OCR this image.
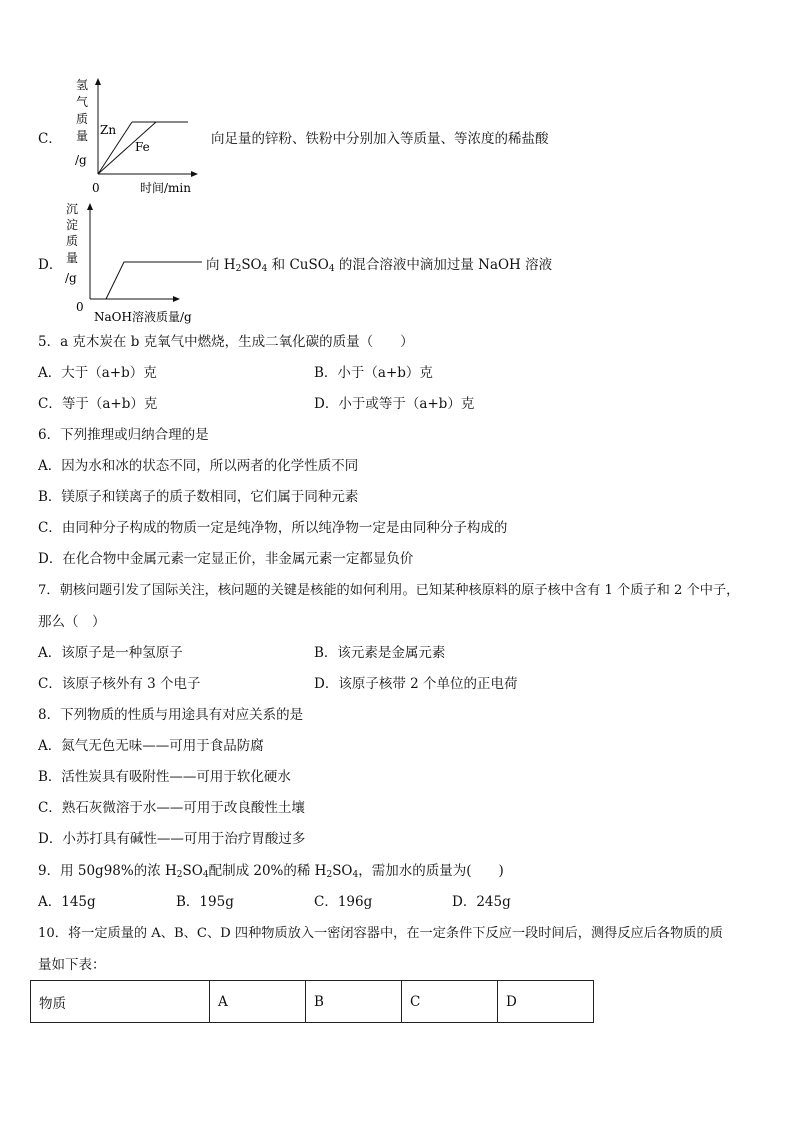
C．
氢
气
质
量
/g
Zn
Fe
0	时间/min
向足量的锌粉、铁粉中分别加入等质量、等浓度的稀盐酸
D．
沉
淀
质
量
/g
0
NaOH溶液质量/g
向 $H_2SO_4$ 和 CuSO$_4$ 的混合溶液中滴加过量 NaOH 溶液
5．a 克木炭在 b 克氧气中燃烧，生成二氧化碳的质量（　　）
A．大于（a+b）克	B．小于（a+b）克
C．等于（a+b）克	D．小于或等于（a+b）克
6．下列推理或归纳合理的是
A．因为水和冰的状态不同，所以两者的化学性质不同
B．镁原子和镁离子的质子数相同，它们属于同种元素
C．由同种分子构成的物质一定是纯净物，所以纯净物一定是由同种分子构成的
D．在化合物中金属元素一定显正价，非金属元素一定都显负价
7．朝核问题引发了国际关注，核问题的关键是核能的如何利用。已知某种核原料的原子核中含有 1 个质子和 2 个中子，
那么（　）
A．该原子是一种氢原子	B．该元素是金属元素
C．该原子核外有 3 个电子	D．该原子核带 2 个单位的正电荷
8．下列物质的性质与用途具有对应关系的是
A．氮气无色无味——可用于食品防腐
B．活性炭具有吸附性——可用于软化硬水
C．熟石灰微溶于水——可用于改良酸性土壤
D．小苏打具有碱性——可用于治疗胃酸过多
9．用 50g98%的浓 $H_2SO_4$配制成 20%的稀 $H_2SO_4$，需加水的质量为(　　)
A．145g	B．195g	C．196g	D．245g
10．将一定质量的 A、B、C、D 四种物质放入一密闭容器中，在一定条件下反应一段时间后，测得反应后各物质的质
量如下表：
物质	A	B	C	D
